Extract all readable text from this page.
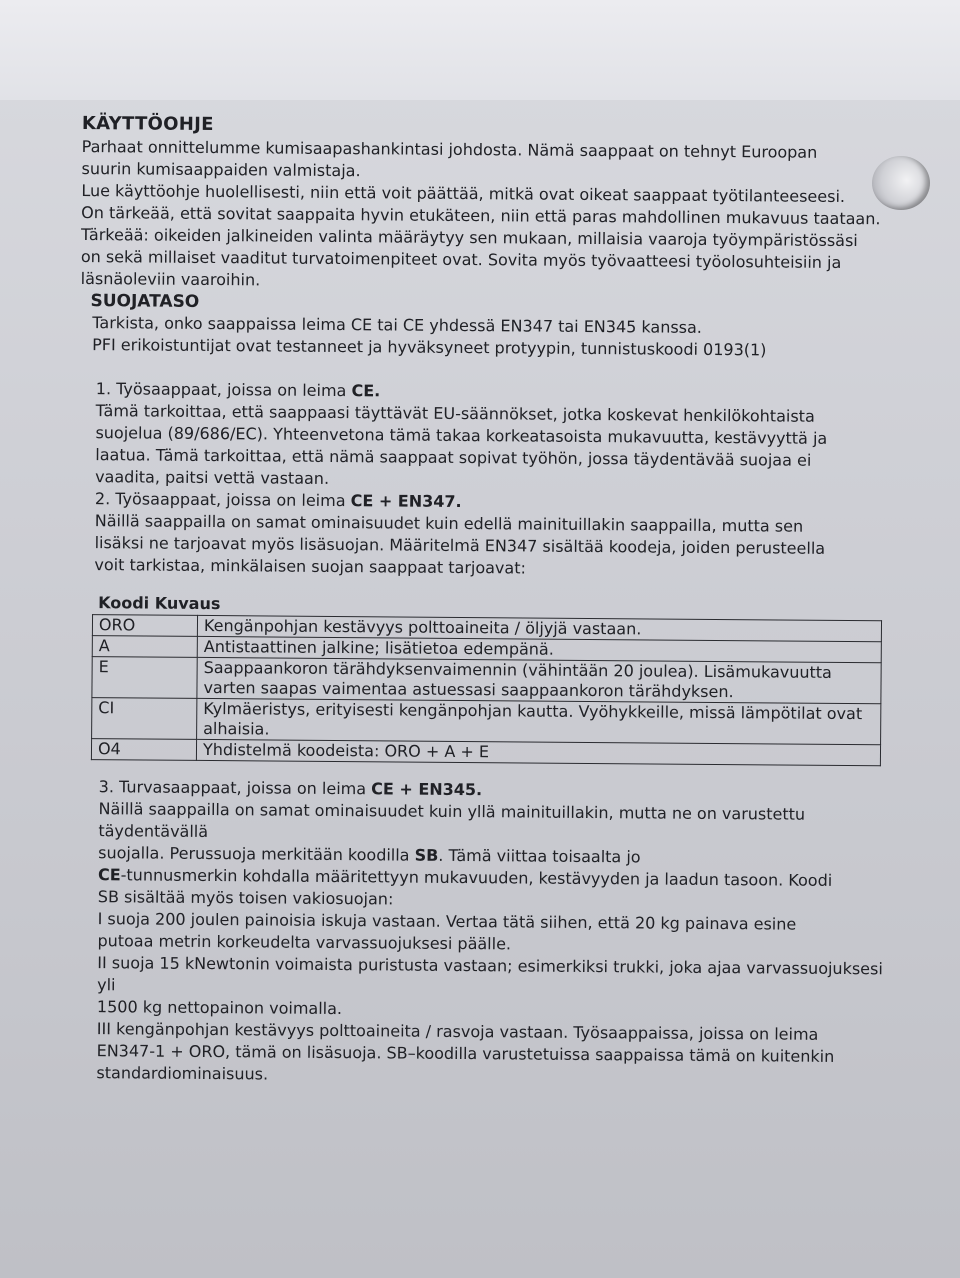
KÄYTTÖOHJE

Parhaat onnittelumme kumisaapashankintasi johdosta. Nämä saappaat on tehnyt Euroopan

suurin kumisaappaiden valmistaja.

Lue käyttöohje huolellisesti, niin että voit päättää, mitkä ovat oikeat saappaat työtilanteeseesi.

On tärkeää, että sovitat saappaita hyvin etukäteen, niin että paras mahdollinen mukavuus taataan.

Tärkeää: oikeiden jalkineiden valinta määräytyy sen mukaan, millaisia vaaroja työympäristössäsi

on sekä millaiset vaaditut turvatoimenpiteet ovat. Sovita myös työvaatteesi työolosuhteisiin ja

läsnäoleviin vaaroihin.

SUOJATASO

Tarkista, onko saappaissa leima CE tai CE yhdessä EN347 tai EN345 kanssa.

PFI erikoistuntijat ovat testanneet ja hyväksyneet protyypin, tunnistuskoodi 0193(1)

1. Työsaappaat, joissa on leima CE.

Tämä tarkoittaa, että saappaasi täyttävät EU-säännökset, jotka koskevat henkilökohtaista

suojelua (89/686/EC). Yhteenvetona tämä takaa korkeatasoista mukavuutta, kestävyyttä ja

laatua. Tämä tarkoittaa, että nämä saappaat sopivat työhön, jossa täydentävää suojaa ei

vaadita, paitsi vettä vastaan.

2. Työsaappaat, joissa on leima CE + EN347.

Näillä saappailla on samat ominaisuudet kuin edellä mainituillakin saappailla, mutta sen

lisäksi ne tarjoavat myös lisäsuojan. Määritelmä EN347 sisältää koodeja, joiden perusteella

voit tarkistaa, minkälaisen suojan saappaat tarjoavat:

Koodi Kuvaus
ORO	Kengänpohjan kestävyys polttoaineita / öljyjä vastaan.
A	Antistaattinen jalkine; lisätietoa edempänä.
E	Saappaankoron tärähdyksenvaimennin (vähintään 20 joulea). Lisämukavuutta varten saapas vaimentaa astuessasi saappaankoron tärähdyksen.
CI	Kylmäeristys, erityisesti kengänpohjan kautta. Vyöhykkeille, missä lämpötilat ovat alhaisia.
O4	Yhdistelmä koodeista: ORO + A + E

3. Turvasaappaat, joissa on leima CE + EN345.

Näillä saappailla on samat ominaisuudet kuin yllä mainituillakin, mutta ne on varustettu täydentävällä

suojalla. Perussuoja merkitään koodilla SB. Tämä viittaa toisaalta jo

CE-tunnusmerkin kohdalla määritettyyn mukavuuden, kestävyyden ja laadun tasoon. Koodi

SB sisältää myös toisen vakiosuojan:

I suoja 200 joulen painoisia iskuja vastaan. Vertaa tätä siihen, että 20 kg painava esine

putoaa metrin korkeudelta varvassuojuksesi päälle.

II suoja 15 kNewtonin voimaista puristusta vastaan; esimerkiksi trukki, joka ajaa varvassuojuksesi yli

1500 kg nettopainon voimalla.

III kengänpohjan kestävyys polttoaineita / rasvoja vastaan. Työsaappaissa, joissa on leima

EN347-1 + ORO, tämä on lisäsuoja. SB–koodilla varustetuissa saappaissa tämä on kuitenkin

standardiominaisuus.
